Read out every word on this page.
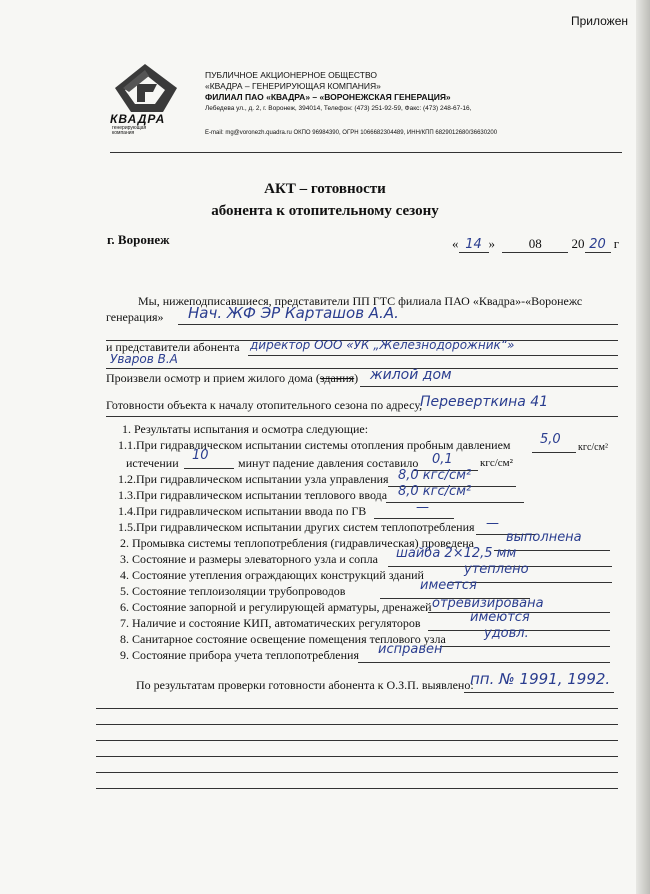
Приложен
КВАДРА
генерирующая компания
ПУБЛИЧНОЕ АКЦИОНЕРНОЕ ОБЩЕСТВО
«КВАДРА – ГЕНЕРИРУЮЩАЯ КОМПАНИЯ»
ФИЛИАЛ ПАО «КВАДРА» – «ВОРОНЕЖСКАЯ ГЕНЕРАЦИЯ»
Лебедева ул., д. 2, г. Воронеж, 394014, Телефон: (473) 251-92-59, Факс: (473) 248-67-16,
E-mail: mg@voronezh.quadra.ru ОКПО 96984390, ОГРН 1066682304489, ИНН/КПП 6829012680/36630200
АКТ – готовности
абонента к отопительному сезону
г. Воронеж	« 14 »	08 20 20 г
Мы, нижеподписавшиеся, представители ПП ГТС филиала ПАО «Квадра»-«Воронежс
генерация» Нач. ЖФ ЭР Карташов А.А.
и представители абонента директор ООО «УК „Железнодорожник“»
Уваров В.А
Произвели осмотр и прием жилого дома (здания) жилой дом
Готовности объекта к началу отопительного сезона по адресу,
Переверткина 41
1. Результаты испытания и осмотра следующие:
1.1.При гидравлическом испытании системы отопления пробным давлением 5,0
кгс/см²
истечении 10 минут падение давления составило 0,1 кгс/см²
1.2.При гидравлическом испытании узла управления 8,0 кгс/см²
1.3.При гидравлическом испытании теплового ввода 8,0 кгс/см²
1.4.При гидравлическом испытании ввода по ГВ	—
1.5.При гидравлическом испытании других систем теплопотребления —
2. Промывка системы теплопотребления (гидравлическая) проведена выполнена
3. Состояние и размеры элеваторного узла и сопла шайба 2×12,5 мм
4. Состояние утепления ограждающих конструкций зданий	утеплено
5. Состояние теплоизоляции трубопроводов	имеется
6. Состояние запорной и регулирующей арматуры, дренажей отревизирована
7. Наличие и состояние КИП, автоматических регуляторов	имеются
8. Санитарное состояние освещение помещения теплового узла	удовл.
9. Состояние прибора учета теплопотребления исправен
По результатам проверки готовности абонента к О.З.П. выявлено:
пп. № 1991, 1992.
